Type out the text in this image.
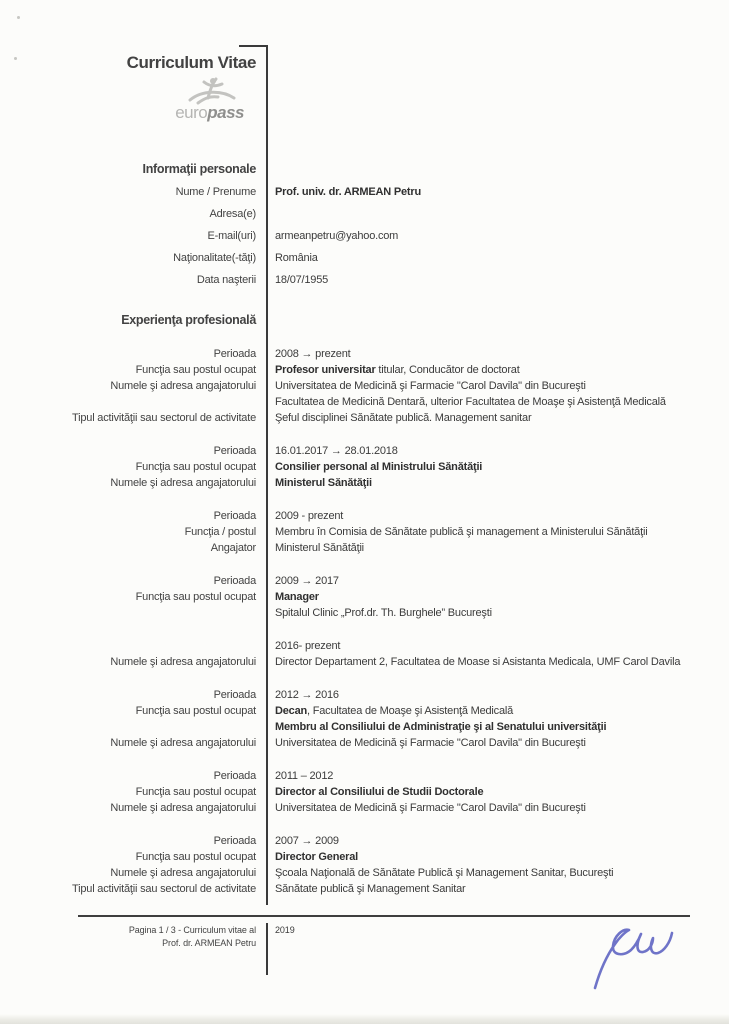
Curriculum Vitae
europass
Informaţii personale
Nume / Prenume Prof. univ. dr. ARMEAN Petru
Adresa(e)
E-mail(uri) armeanpetru@yahoo.com
Naţionalitate(-tăţi) România
Data naşterii 18/07/1955
Experienţa profesională
Perioada 2008 → prezent
Funcţia sau postul ocupat Profesor universitar titular, Conducător de doctorat
Numele şi adresa angajatorului Universitatea de Medicină şi Farmacie "Carol Davila" din Bucureşti
Facultatea de Medicină Dentară, ulterior Facultatea de Moaşe şi Asistenţă Medicală
Tipul activităţii sau sectorul de activitate Şeful disciplinei Sănătate publică. Management sanitar
Perioada 16.01.2017 → 28.01.2018
Funcţia sau postul ocupat Consilier personal al Ministrului Sănătăţii
Numele şi adresa angajatorului Ministerul Sănătăţii
Perioada 2009 - prezent
Funcţia / postul Membru în Comisia de Sănătate publică şi management a Ministerului Sănătăţii
Angajator Ministerul Sănătăţii
Perioada 2009 → 2017
Funcţia sau postul ocupat Manager
Spitalul Clinic „Prof.dr. Th. Burghele” Bucureşti
2016- prezent
Numele şi adresa angajatorului Director Departament 2, Facultatea de Moase si Asistanta Medicala, UMF Carol Davila
Perioada 2012 → 2016
Funcţia sau postul ocupat Decan, Facultatea de Moaşe şi Asistenţă Medicală
Membru al Consiliului de Administraţie şi al Senatului universităţii
Numele şi adresa angajatorului Universitatea de Medicină şi Farmacie "Carol Davila" din Bucureşti
Perioada 2011 – 2012
Funcţia sau postul ocupat Director al Consiliului de Studii Doctorale
Numele şi adresa angajatorului Universitatea de Medicină şi Farmacie "Carol Davila" din Bucureşti
Perioada 2007 → 2009
Funcţia sau postul ocupat Director General
Numele şi adresa angajatorului Şcoala Naţională de Sănătate Publică şi Management Sanitar, Bucureşti
Tipul activităţii sau sectorul de activitate Sănătate publică şi Management Sanitar
Pagina 1 / 3 - Curriculum vitae al
Prof. dr. ARMEAN Petru
2019
